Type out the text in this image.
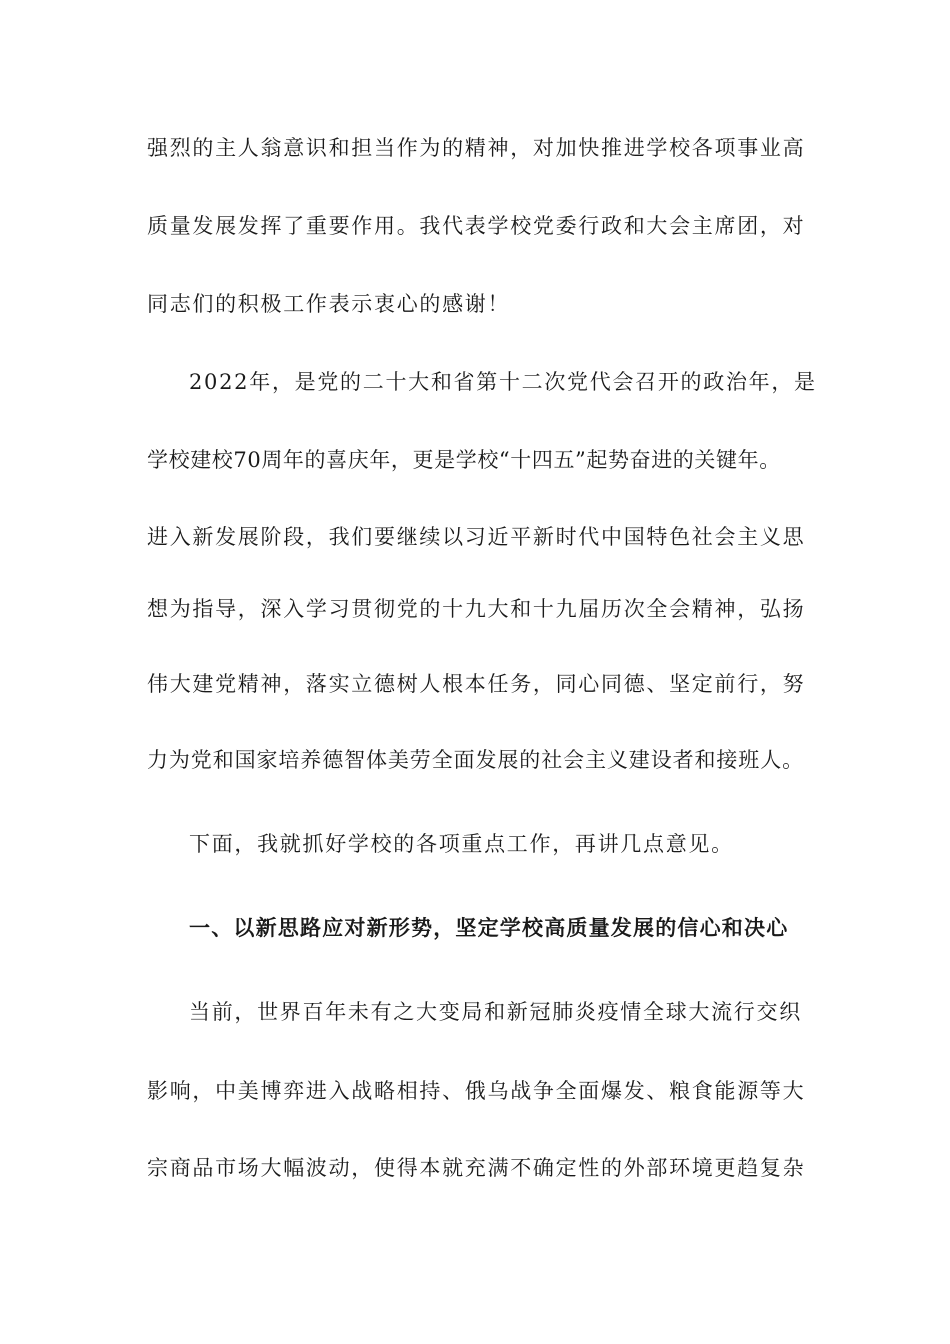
强烈的主人翁意识和担当作为的精神，对加快推进学校各项事业高
质量发展发挥了重要作用。我代表学校党委行政和大会主席团，对
同志们的积极工作表示衷心的感谢！
2022年，是党的二十大和省第十二次党代会召开的政治年，是
学校建校70周年的喜庆年，更是学校“十四五”起势奋进的关键年。
进入新发展阶段，我们要继续以习近平新时代中国特色社会主义思
想为指导，深入学习贯彻党的十九大和十九届历次全会精神，弘扬
伟大建党精神，落实立德树人根本任务，同心同德、坚定前行，努
力为党和国家培养德智体美劳全面发展的社会主义建设者和接班人。
下面，我就抓好学校的各项重点工作，再讲几点意见。
一、以新思路应对新形势，坚定学校高质量发展的信心和决心
当前，世界百年未有之大变局和新冠肺炎疫情全球大流行交织
影响，中美博弈进入战略相持、俄乌战争全面爆发、粮食能源等大
宗商品市场大幅波动，使得本就充满不确定性的外部环境更趋复杂
